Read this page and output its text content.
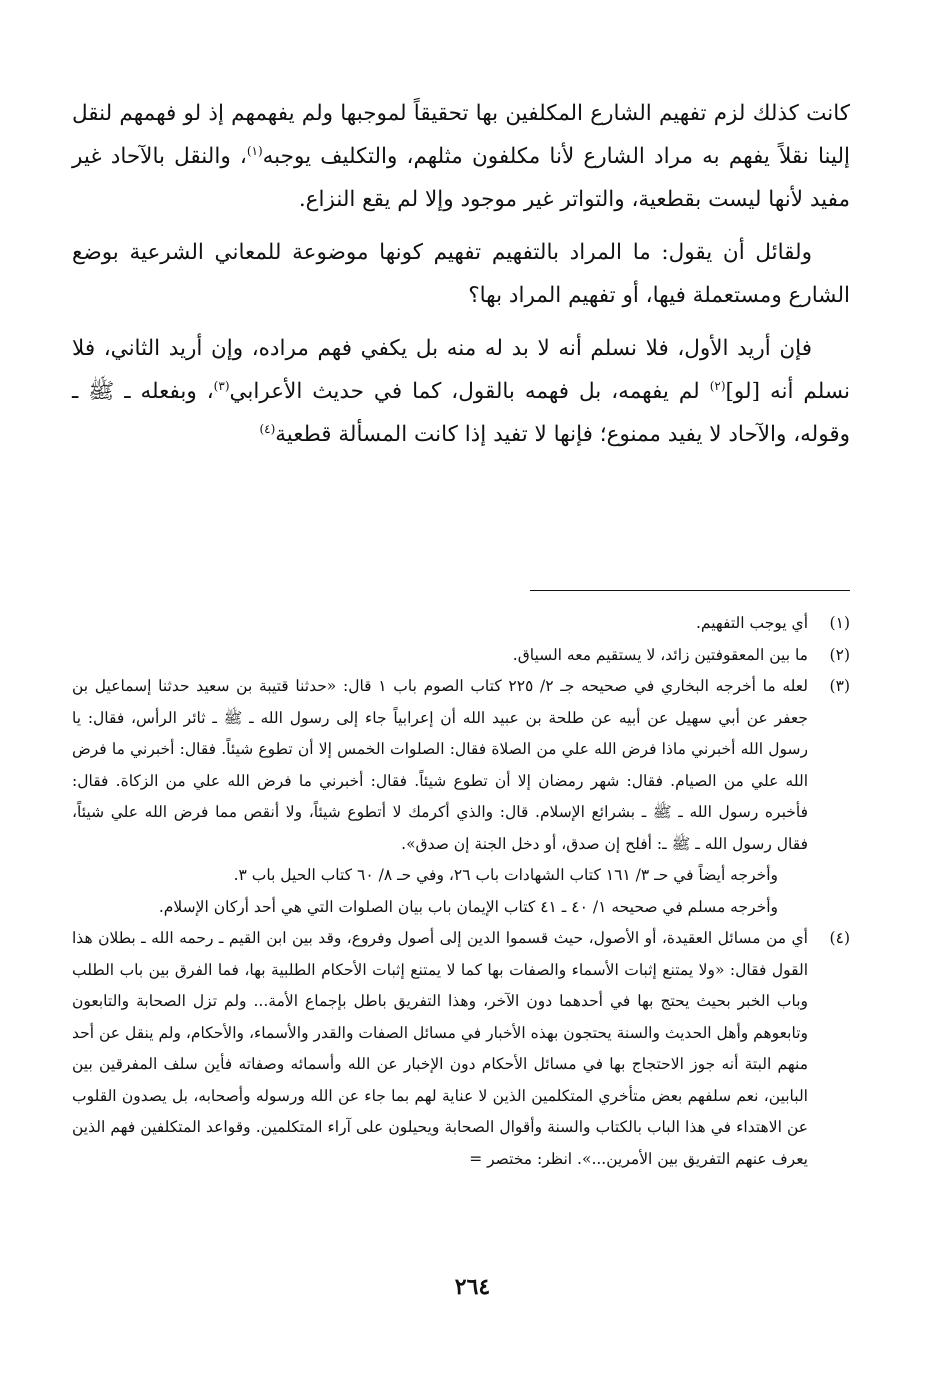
كانت كذلك لزم تفهيم الشارع المكلفين بها تحقيقاً لموجبها ولم يفهمهم إذ لو فهمهم لنقل إلينا نقلاً يفهم به مراد الشارع لأنا مكلفون مثلهم، والتكليف يوجبه$^{(١)}$، والنقل بالآحاد غير مفيد لأنها ليست بقطعية، والتواتر غير موجود وإلا لم يقع النزاع.

ولقائل أن يقول: ما المراد بالتفهيم تفهيم كونها موضوعة للمعاني الشرعية بوضع الشارع ومستعملة فيها، أو تفهيم المراد بها؟

فإن أريد الأول، فلا نسلم أنه لا بد له منه بل يكفي فهم مراده، وإن أريد الثاني، فلا نسلم أنه [لو]$^{(٢)}$ لم يفهمه، بل فهمه بالقول، كما في حديث الأعرابي$^{(٣)}$، وبفعله ـ ﷺ ـ وقوله، والآحاد لا يفيد ممنوع؛ فإنها لا تفيد إذا كانت المسألة قطعية$^{(٤)}$

(١)
أي يوجب التفهيم.
(٢)
ما بين المعقوفتين زائد، لا يستقيم معه السياق.
(٣)
لعله ما أخرجه البخاري في صحيحه جـ ٢/ ٢٢٥ كتاب الصوم باب ١ قال: «حدثنا قتيبة بن سعيد حدثنا إسماعيل بن جعفر عن أبي سهيل عن أبيه عن طلحة بن عبيد الله أن إعرابياً جاء إلى رسول الله ـ ﷺ ـ ثائر الرأس، فقال: يا رسول الله أخبرني ماذا فرض الله علي من الصلاة فقال: الصلوات الخمس إلا أن تطوع شيئاً. فقال: أخبرني ما فرض الله علي من الصيام. فقال: شهر رمضان إلا أن تطوع شيئاً. فقال: أخبرني ما فرض الله علي من الزكاة. فقال: فأخبره رسول الله ـ ﷺ ـ بشرائع الإسلام. قال: والذي أكرمك لا أتطوع شيئاً، ولا أنقص مما فرض الله علي شيئاً، فقال رسول الله ـ ﷺ ـ: أفلح إن صدق، أو دخل الجنة إن صدق».

وأخرجه أيضاً في حـ ٣/ ١٦١ كتاب الشهادات باب ٢٦، وفي حـ ٨/ ٦٠ كتاب الحيل باب ٣.

وأخرجه مسلم في صحيحه ١/ ٤٠ ـ ٤١ كتاب الإيمان باب بيان الصلوات التي هي أحد أركان الإسلام.

(٤)
أي من مسائل العقيدة، أو الأصول، حيث قسموا الدين إلى أصول وفروع، وقد بين ابن القيم ـ رحمه الله ـ بطلان هذا القول فقال: «ولا يمتنع إثبات الأسماء والصفات بها كما لا يمتنع إثبات الأحكام الطلبية بها، فما الفرق بين باب الطلب وباب الخبر بحيث يحتج بها في أحدهما دون الآخر، وهذا التفريق باطل بإجماع الأمة... ولم تزل الصحابة والتابعون وتابعوهم وأهل الحديث والسنة يحتجون بهذه الأخبار في مسائل الصفات والقدر والأسماء، والأحكام، ولم ينقل عن أحد منهم البتة أنه جوز الاحتجاج بها في مسائل الأحكام دون الإخبار عن الله وأسمائه وصفاته فأين سلف المفرقين بين البابين، نعم سلفهم بعض متأخري المتكلمين الذين لا عناية لهم بما جاء عن الله ورسوله وأصحابه، بل يصدون القلوب عن الاهتداء في هذا الباب بالكتاب والسنة وأقوال الصحابة ويحيلون على آراء المتكلمين. وقواعد المتكلفين فهم الذين يعرف عنهم التفريق بين الأمرين...». انظر: مختصر =
٢٦٤
